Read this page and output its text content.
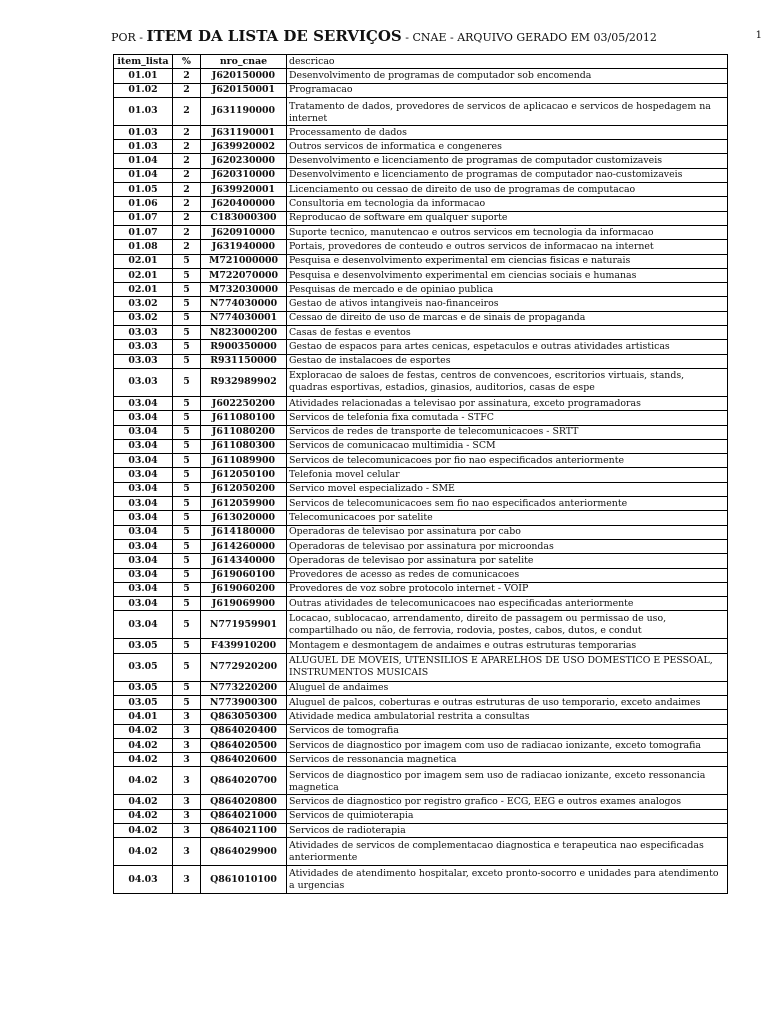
1
POR - ITEM DA LISTA DE SERVIÇOS - CNAE - ARQUIVO GERADO EM 03/05/2012
item_lista	%	nro_cnae	descricao
01.01	2	J620150000	Desenvolvimento de programas de computador sob encomenda
01.02	2	J620150001	Programacao
01.03	2	J631190000	Tratamento de dados, provedores de servicos de aplicacao e servicos de hospedagem na internet
01.03	2	J631190001	Processamento de dados
01.03	2	J639920002	Outros servicos de informatica e congeneres
01.04	2	J620230000	Desenvolvimento e licenciamento de programas de computador customizaveis
01.04	2	J620310000	Desenvolvimento e licenciamento de programas de computador nao-customizaveis
01.05	2	J639920001	Licenciamento ou cessao de direito de uso de programas de computacao
01.06	2	J620400000	Consultoria em tecnologia da informacao
01.07	2	C183000300	Reproducao de software em qualquer suporte
01.07	2	J620910000	Suporte tecnico, manutencao e outros servicos em tecnologia da informacao
01.08	2	J631940000	Portais, provedores de conteudo e outros servicos de informacao na internet
02.01	5	M721000000	Pesquisa e desenvolvimento experimental em ciencias fisicas e naturais
02.01	5	M722070000	Pesquisa e desenvolvimento experimental em ciencias sociais e humanas
02.01	5	M732030000	Pesquisas de mercado e de opiniao publica
03.02	5	N774030000	Gestao de ativos intangiveis nao-financeiros
03.02	5	N774030001	Cessao de direito de uso de marcas e de sinais de propaganda
03.03	5	N823000200	Casas de festas e eventos
03.03	5	R900350000	Gestao de espacos para artes cenicas, espetaculos e outras atividades artisticas
03.03	5	R931150000	Gestao de instalacoes de esportes
03.03	5	R932989902	Exploracao de saloes de festas, centros de convencoes, escritorios virtuais, stands, quadras esportivas, estadios, ginasios, auditorios, casas de espe
03.04	5	J602250200	Atividades relacionadas a televisao por assinatura, exceto programadoras
03.04	5	J611080100	Servicos de telefonia fixa comutada - STFC
03.04	5	J611080200	Servicos de redes de transporte de telecomunicacoes - SRTT
03.04	5	J611080300	Servicos de comunicacao multimidia - SCM
03.04	5	J611089900	Servicos de telecomunicacoes por fio nao especificados anteriormente
03.04	5	J612050100	Telefonia movel celular
03.04	5	J612050200	Servico movel especializado - SME
03.04	5	J612059900	Servicos de telecomunicacoes sem fio nao especificados anteriormente
03.04	5	J613020000	Telecomunicacoes por satelite
03.04	5	J614180000	Operadoras de televisao por assinatura por cabo
03.04	5	J614260000	Operadoras de televisao por assinatura por microondas
03.04	5	J614340000	Operadoras de televisao por assinatura por satelite
03.04	5	J619060100	Provedores de acesso as redes de comunicacoes
03.04	5	J619060200	Provedores de voz sobre protocolo internet - VOIP
03.04	5	J619069900	Outras atividades de telecomunicacoes nao especificadas anteriormente
03.04	5	N771959901	Locacao, sublocacao, arrendamento, direito de passagem ou permissao de uso, compartilhado ou não, de ferrovia, rodovia, postes, cabos, dutos, e condut
03.05	5	F439910200	Montagem e desmontagem de andaimes e outras estruturas temporarias
03.05	5	N772920200	ALUGUEL DE MOVEIS, UTENSILIOS E APARELHOS DE USO DOMESTICO E PESSOAL, INSTRUMENTOS MUSICAIS
03.05	5	N773220200	Aluguel de andaimes
03.05	5	N773900300	Aluguel de palcos, coberturas e outras estruturas de uso temporario, exceto andaimes
04.01	3	Q863050300	Atividade medica ambulatorial restrita a consultas
04.02	3	Q864020400	Servicos de tomografia
04.02	3	Q864020500	Servicos de diagnostico por imagem com uso de radiacao ionizante, exceto tomografia
04.02	3	Q864020600	Servicos de ressonancia magnetica
04.02	3	Q864020700	Servicos de diagnostico por imagem sem uso de radiacao ionizante, exceto ressonancia magnetica
04.02	3	Q864020800	Servicos de diagnostico por registro grafico - ECG, EEG e outros exames analogos
04.02	3	Q864021000	Servicos de quimioterapia
04.02	3	Q864021100	Servicos de radioterapia
04.02	3	Q864029900	Atividades de servicos de complementacao diagnostica e terapeutica nao especificadas anteriormente
04.03	3	Q861010100	Atividades de atendimento hospitalar, exceto pronto-socorro e unidades para atendimento a urgencias
